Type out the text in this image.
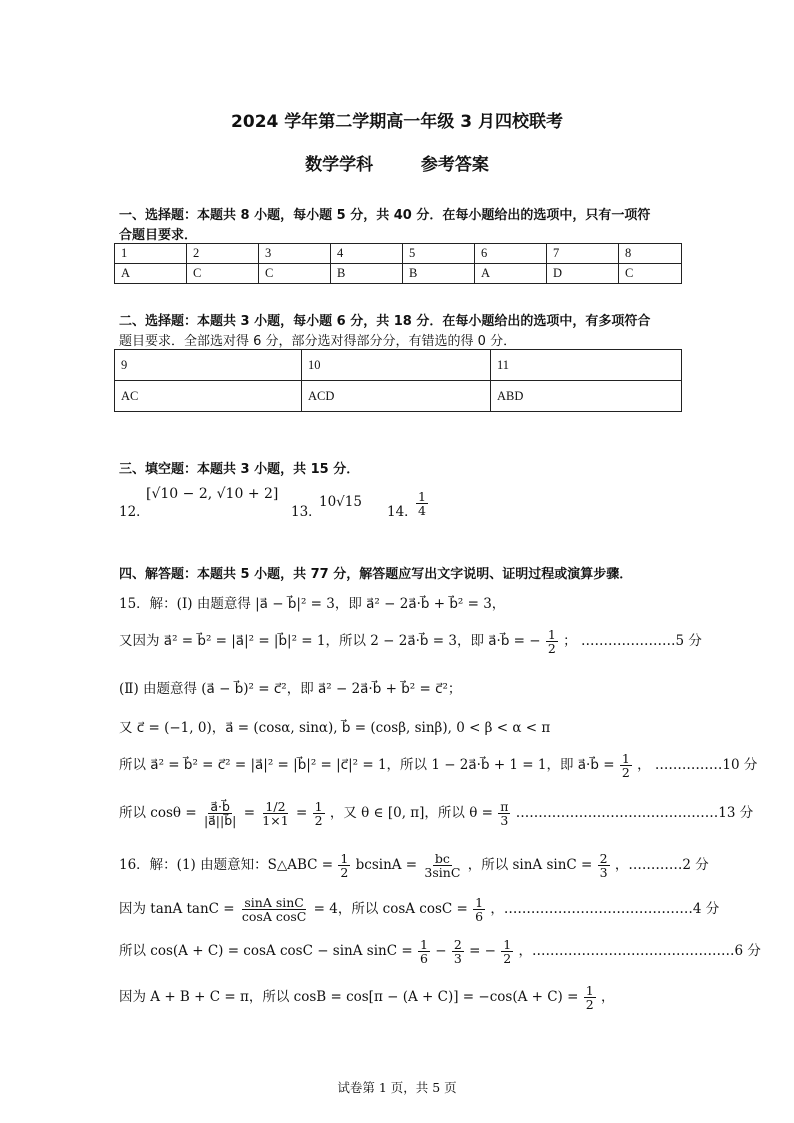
2024 学年第二学期高一年级 3 月四校联考
数学学科   参考答案
一、选择题：本题共 8 小题，每小题 5 分，共 40 分．在每小题给出的选项中，只有一项符
合题目要求．
1	2	3	4	5	6	7	8
A	C	C	B	B	A	D	C
二、选择题：本题共 3 小题，每小题 6 分，共 18 分．在每小题给出的选项中，有多项符合
题目要求．全部选对得 6 分，部分选对得部分分，有错选的得 0 分．
9	10	11
AC	ACD	ABD
三、填空题：本题共 3 小题，共 15 分．
12．
[√10 − 2, √10 + 2]
13．
10√15
14．
$\frac{1}{4}$
四、解答题：本题共 5 小题，共 77 分，解答题应写出文字说明、证明过程或演算步骤．
15．解：(Ⅰ) 由题意得 |a⃗ − b⃗|² = 3，即 a⃗² − 2a⃗·b⃗ + b⃗² = 3，
又因为 a⃗² = b⃗² = |a⃗|² = |b⃗|² = 1，所以 2 − 2a⃗·b⃗ = 3，即 a⃗·b⃗ = − $\frac{1}{2}$ ； …………………5 分
(Ⅱ) 由题意得 (a⃗ − b⃗)² = c⃗²，即 a⃗² − 2a⃗·b⃗ + b⃗² = c⃗²；
又 c⃗ = (−1, 0)，a⃗ = (cosα, sinα), b⃗ = (cosβ, sinβ), 0 < β < α < π
所以 a⃗² = b⃗² = c⃗² = |a⃗|² = |b⃗|² = |c⃗|² = 1，所以 1 − 2a⃗·b⃗ + 1 = 1，即 a⃗·b⃗ = $\frac{1}{2}$ ， ……………10 分
所以 $\cos\theta = \frac{a⃗\cdot b⃗}{|a⃗||b⃗|} = \frac{1/2}{1\times 1} = \frac{1}{2}$ ，又 θ ∈ [0, π]，所以 $\theta = \frac{\pi}{3}$ ………………………………………13 分
16．解：(1) 由题意知：S△ABC = $\frac{1}{2}$ $bcsinA = \frac{bc}{3\sin C}$ ，所以 sinA $\sin C = \frac{2}{3}$ ，…………2 分
因为 tanA $\tan C = \frac{\text{sinA sinC}}{\text{cosA cosC}} = 4$，所以 cosA $\cos C = \frac{1}{6}$ ，……………………………………4 分
所以 cos(A + C) = cosA cosC − sinA $\sin C = \frac{1}{6} - \frac{2}{3}$ = − $\frac{1}{2}$ ，………………………………………6 分
因为 A + B + C = π，所以 $\cos B = \cos[\pi - (A + C)] = -\cos(A + C) = \frac{1}{2}$ ，
试卷第 1 页，共 5 页
